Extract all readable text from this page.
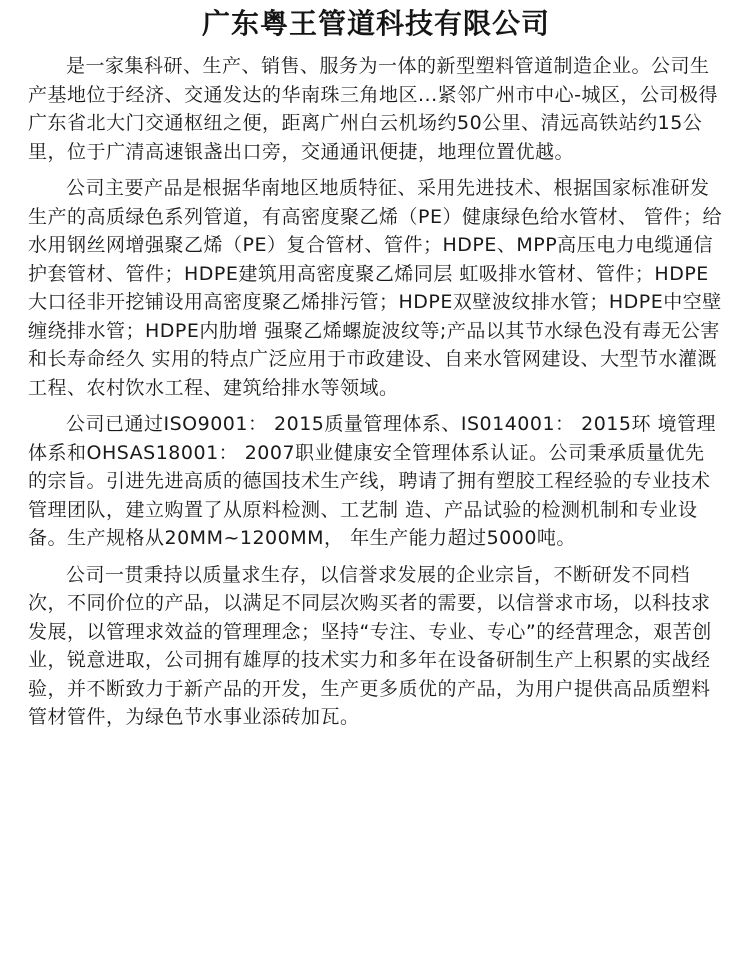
广东粤王管道科技有限公司

是一家集科研、生产、销售、服务为一体的新型塑料管道制造企业。公司生产基地位于经济、交通发达的华南珠三角地区...紧邻广州市中心-城区，公司极得广东省北大门交通枢纽之便，距离广州白云机场约50公里、清远高铁站约15公里，位于广清高速银盏出口旁，交通通讯便捷，地理位置优越。

公司主要产品是根据华南地区地质特征、采用先进技术、根据国家标准研发生产的高质绿色系列管道，有高密度聚乙烯（PE）健康绿色给水管材、 管件；给水用钢丝网增强聚乙烯（PE）复合管材、管件；HDPE、MPP高压电力电缆通信护套管材、管件；HDPE建筑用高密度聚乙烯同层 虹吸排水管材、管件；HDPE大口径非开挖铺设用高密度聚乙烯排污管；HDPE双壁波纹排水管；HDPE中空壁缠绕排水管；HDPE内肋增 强聚乙烯螺旋波纹等;产品以其节水绿色没有毒无公害和长寿命经久 实用的特点广泛应用于市政建设、自来水管网建设、大型节水灌溉工程、农村饮水工程、建筑给排水等领域。

公司已通过ISO9001： 2015质量管理体系、IS014001： 2015环 境管理体系和OHSAS18001： 2007职业健康安全管理体系认证。公司秉承质量优先的宗旨。引进先进高质的德国技术生产线，聘请了拥有塑胶工程经验的专业技术管理团队，建立购置了从原料检测、工艺制 造、产品试验的检测机制和专业设备。生产规格从20MM~1200MM， 年生产能力超过5000吨。

公司一贯秉持以质量求生存，以信誉求发展的企业宗旨，不断研发不同档次，不同价位的产品，以满足不同层次购买者的需要，以信誉求市场，以科技求发展，以管理求效益的管理理念；坚持“专注、专业、专心”的经营理念，艰苦创业，锐意进取，公司拥有雄厚的技术实力和多年在设备研制生产上积累的实战经验，并不断致力于新产品的开发，生产更多质优的产品，为用户提供高品质塑料管材管件，为绿色节水事业添砖加瓦。
